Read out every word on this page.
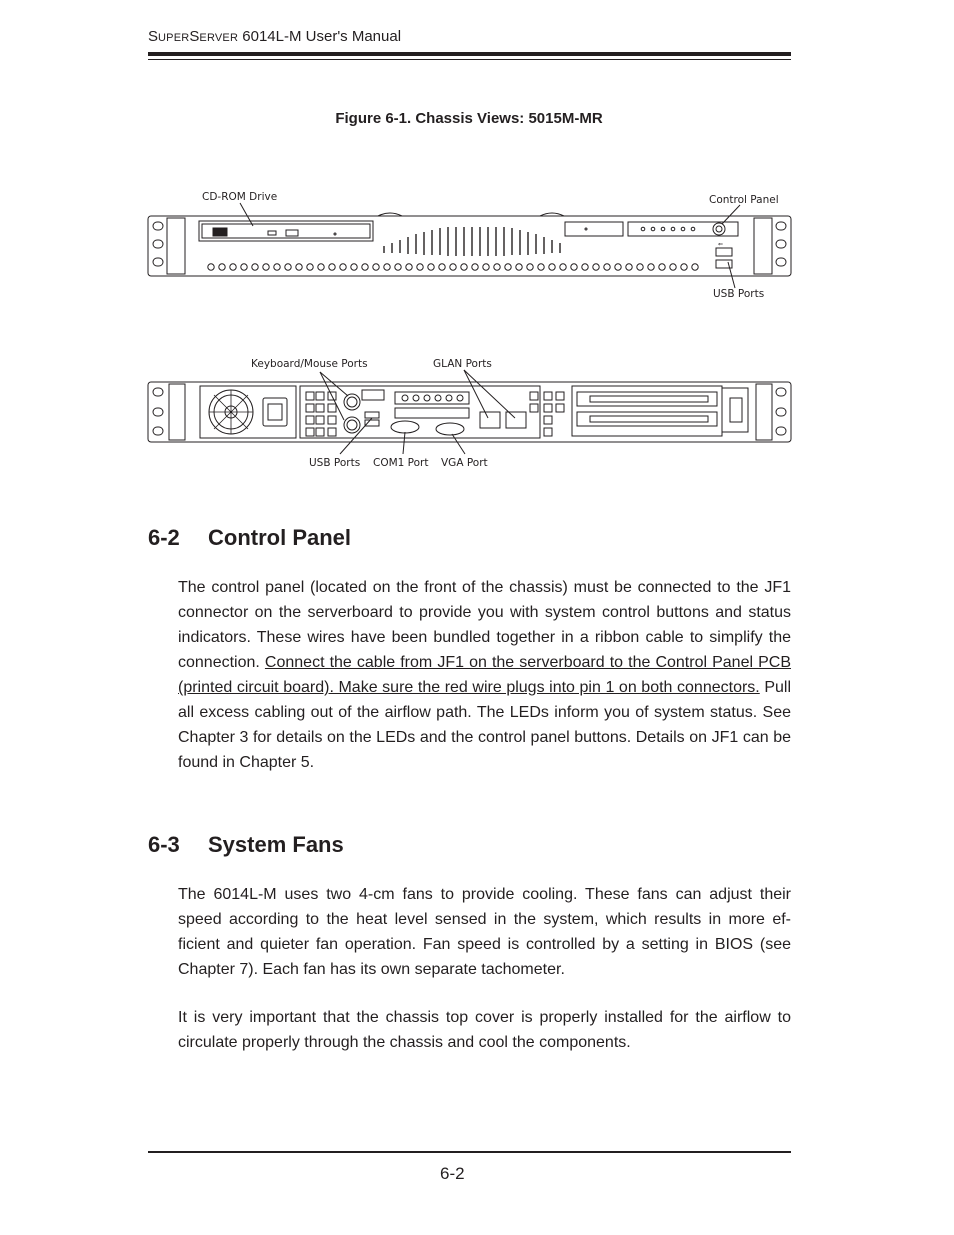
SUPERSERVER 6014L-M User's Manual
Figure 6-1. Chassis Views: 5015M-MR
⇐
CD-ROM Drive	Control Panel
USB Ports
Keyboard/Mouse Ports	GLAN Ports
USB Ports COM1 Port VGA Port
6-2 Control Panel

The control panel (located on the front of the chassis) must be connected to the JF1 connector on the serverboard to provide you with system control buttons and status indicators. These wires have been bundled together in a ribbon cable to simplify the connection. Connect the cable from JF1 on the serverboard to the Control Panel PCB (printed circuit board). Make sure the red wire plugs into pin 1 on both connectors. Pull all excess cabling out of the airflow path. The LEDs inform you of system status. See Chapter 3 for details on the LEDs and the control panel buttons. Details on JF1 can be found in Chapter 5.

6-3 System Fans

The 6014L-M uses two 4-cm fans to provide cooling. These fans can adjust their speed according to the heat level sensed in the system, which results in more ef-ficient and quieter fan operation. Fan speed is controlled by a setting in BIOS (see Chapter 7). Each fan has its own separate tachometer.

It is very important that the chassis top cover is properly installed for the airflow to circulate properly through the chassis and cool the components.

6-2
